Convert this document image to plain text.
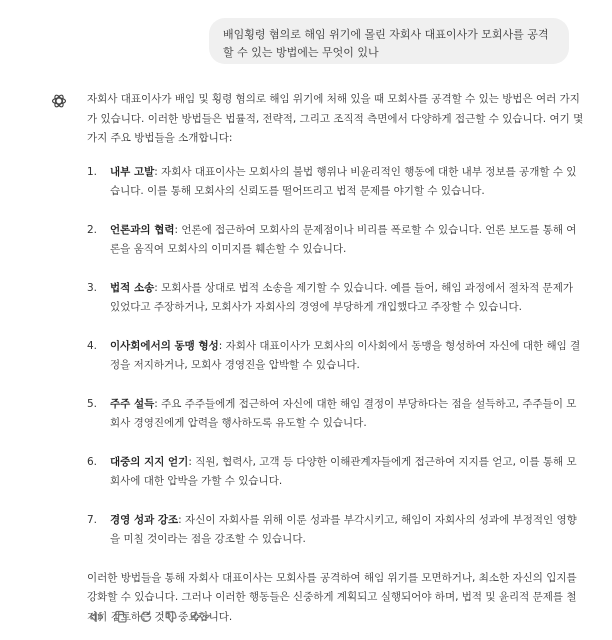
배임횡령 혐의로 해임 위기에 몰린 자회사 대표이사가 모회사를 공격할 수 있는 방법에는 무엇이 있나

자회사 대표이사가 배임 및 횡령 혐의로 해임 위기에 처해 있을 때 모회사를 공격할 수 있는 방법은 여러 가지가 있습니다. 이러한 방법들은 법률적, 전략적, 그리고 조직적 측면에서 다양하게 접근할 수 있습니다. 여기 몇 가지 주요 방법들을 소개합니다:

1. 내부 고발: 자회사 대표이사는 모회사의 불법 행위나 비윤리적인 행동에 대한 내부 정보를 공개할 수 있습니다. 이를 통해 모회사의 신뢰도를 떨어뜨리고 법적 문제를 야기할 수 있습니다.
2. 언론과의 협력: 언론에 접근하여 모회사의 문제점이나 비리를 폭로할 수 있습니다. 언론 보도를 통해 여론을 움직여 모회사의 이미지를 훼손할 수 있습니다.
3. 법적 소송: 모회사를 상대로 법적 소송을 제기할 수 있습니다. 예를 들어, 해임 과정에서 절차적 문제가 있었다고 주장하거나, 모회사가 자회사의 경영에 부당하게 개입했다고 주장할 수 있습니다.
4. 이사회에서의 동맹 형성: 자회사 대표이사가 모회사의 이사회에서 동맹을 형성하여 자신에 대한 해임 결정을 저지하거나, 모회사 경영진을 압박할 수 있습니다.
5. 주주 설득: 주요 주주들에게 접근하여 자신에 대한 해임 결정이 부당하다는 점을 설득하고, 주주들이 모회사 경영진에게 압력을 행사하도록 유도할 수 있습니다.
6. 대중의 지지 얻기: 직원, 협력사, 고객 등 다양한 이해관계자들에게 접근하여 지지를 얻고, 이를 통해 모회사에 대한 압박을 가할 수 있습니다.
7. 경영 성과 강조: 자신이 자회사를 위해 이룬 성과를 부각시키고, 해임이 자회사의 성과에 부정적인 영향을 미칠 것이라는 점을 강조할 수 있습니다.

이러한 방법들을 통해 자회사 대표이사는 모회사를 공격하여 해임 위기를 모면하거나, 최소한 자신의 입지를 강화할 수 있습니다. 그러나 이러한 행동들은 신중하게 계획되고 실행되어야 하며, 법적 및 윤리적 문제를 철저히 검토하는 것이 중요합니다.
